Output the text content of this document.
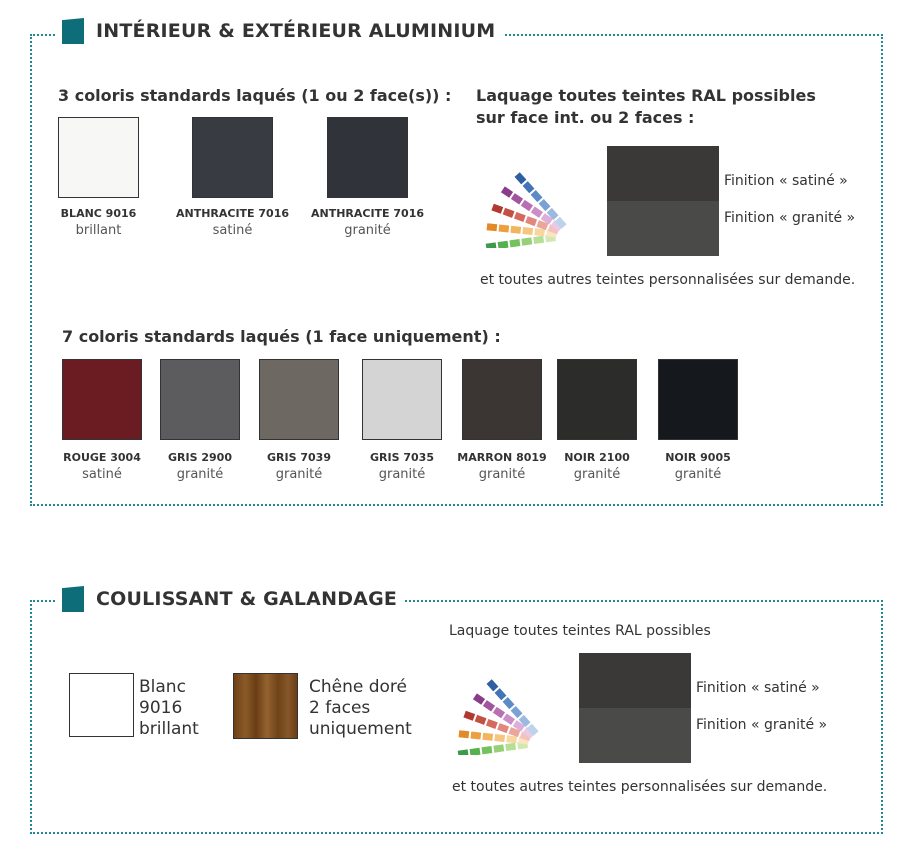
INTÉRIEUR & EXTÉRIEUR ALUMINIUM
3 coloris standards laqués (1 ou 2 face(s)) :
BLANC 9016
brillant
ANTHRACITE 7016
satiné
ANTHRACITE 7016
granité
Laquage toutes teintes RAL possibles
sur face int. ou 2 faces :
Finition « satiné »
Finition « granité »
et toutes autres teintes personnalisées sur demande.
7 coloris standards laqués (1 face uniquement) :
ROUGE 3004
satiné
GRIS 2900
granité
GRIS 7039
granité
GRIS 7035
granité
MARRON 8019
granité
NOIR 2100
granité
NOIR 9005
granité
COULISSANT & GALANDAGE
Laquage toutes teintes RAL possibles
Blanc
9016
brillant
Chêne doré
2 faces
uniquement
Finition « satiné »
Finition « granité »
et toutes autres teintes personnalisées sur demande.
